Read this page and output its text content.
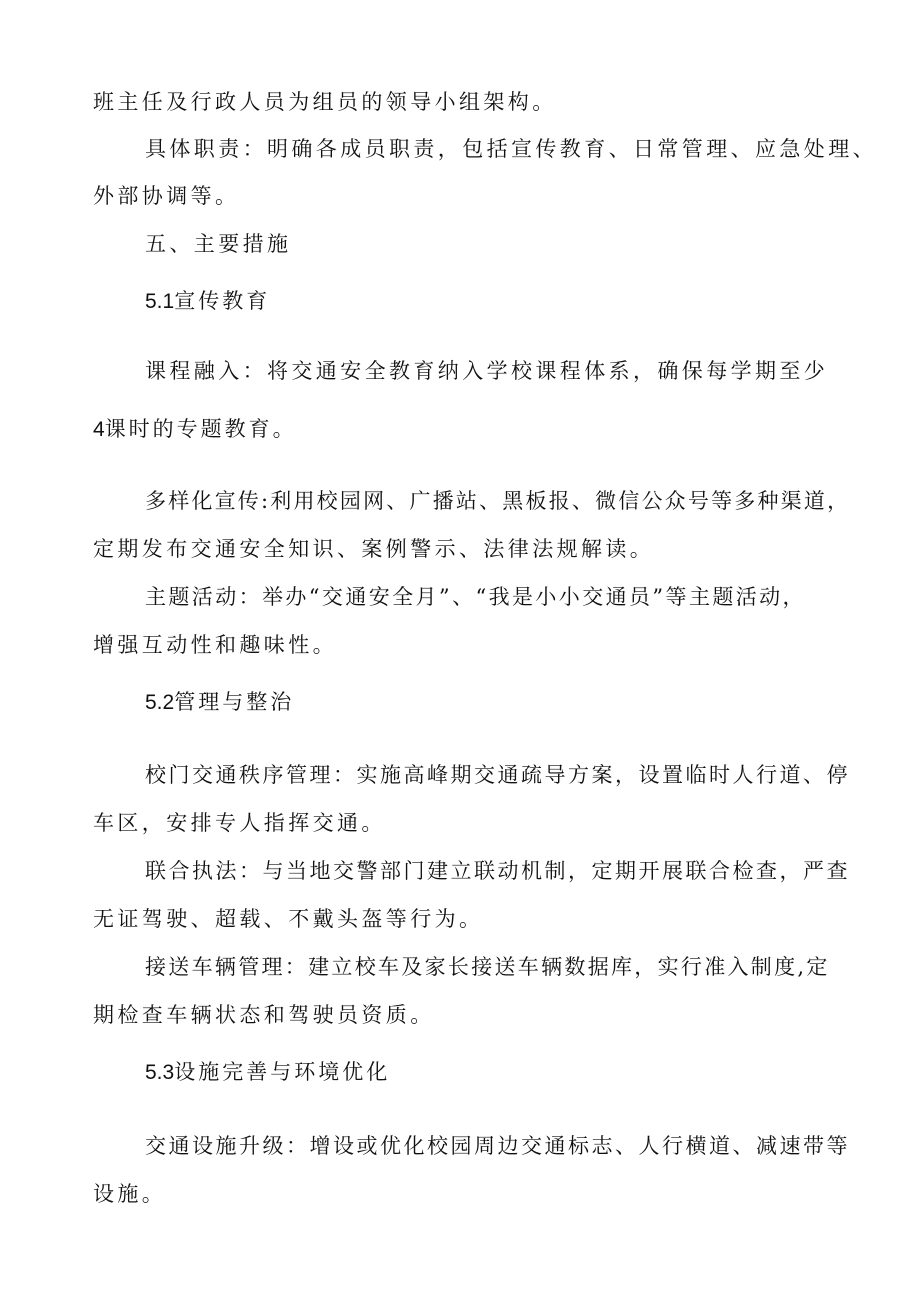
班主任及行政人员为组员的领导小组架构。
具体职责：明确各成员职责，包括宣传教育、日常管理、应急处理、
外部协调等。
五、主要措施
5.1宣传教育
课程融入：将交通安全教育纳入学校课程体系，确保每学期至少
4课时的专题教育。
多样化宣传:利用校园网、广播站、黑板报、微信公众号等多种渠道，
定期发布交通安全知识、案例警示、法律法规解读。
主题活动：举办“交通安全月”、“我是小小交通员”等主题活动，
增强互动性和趣味性。
5.2管理与整治
校门交通秩序管理：实施高峰期交通疏导方案，设置临时人行道、停
车区，安排专人指挥交通。
联合执法：与当地交警部门建立联动机制，定期开展联合检查，严查
无证驾驶、超载、不戴头盔等行为。
接送车辆管理：建立校车及家长接送车辆数据库，实行准入制度,定
期检查车辆状态和驾驶员资质。
5.3设施完善与环境优化
交通设施升级：增设或优化校园周边交通标志、人行横道、减速带等
设施。
